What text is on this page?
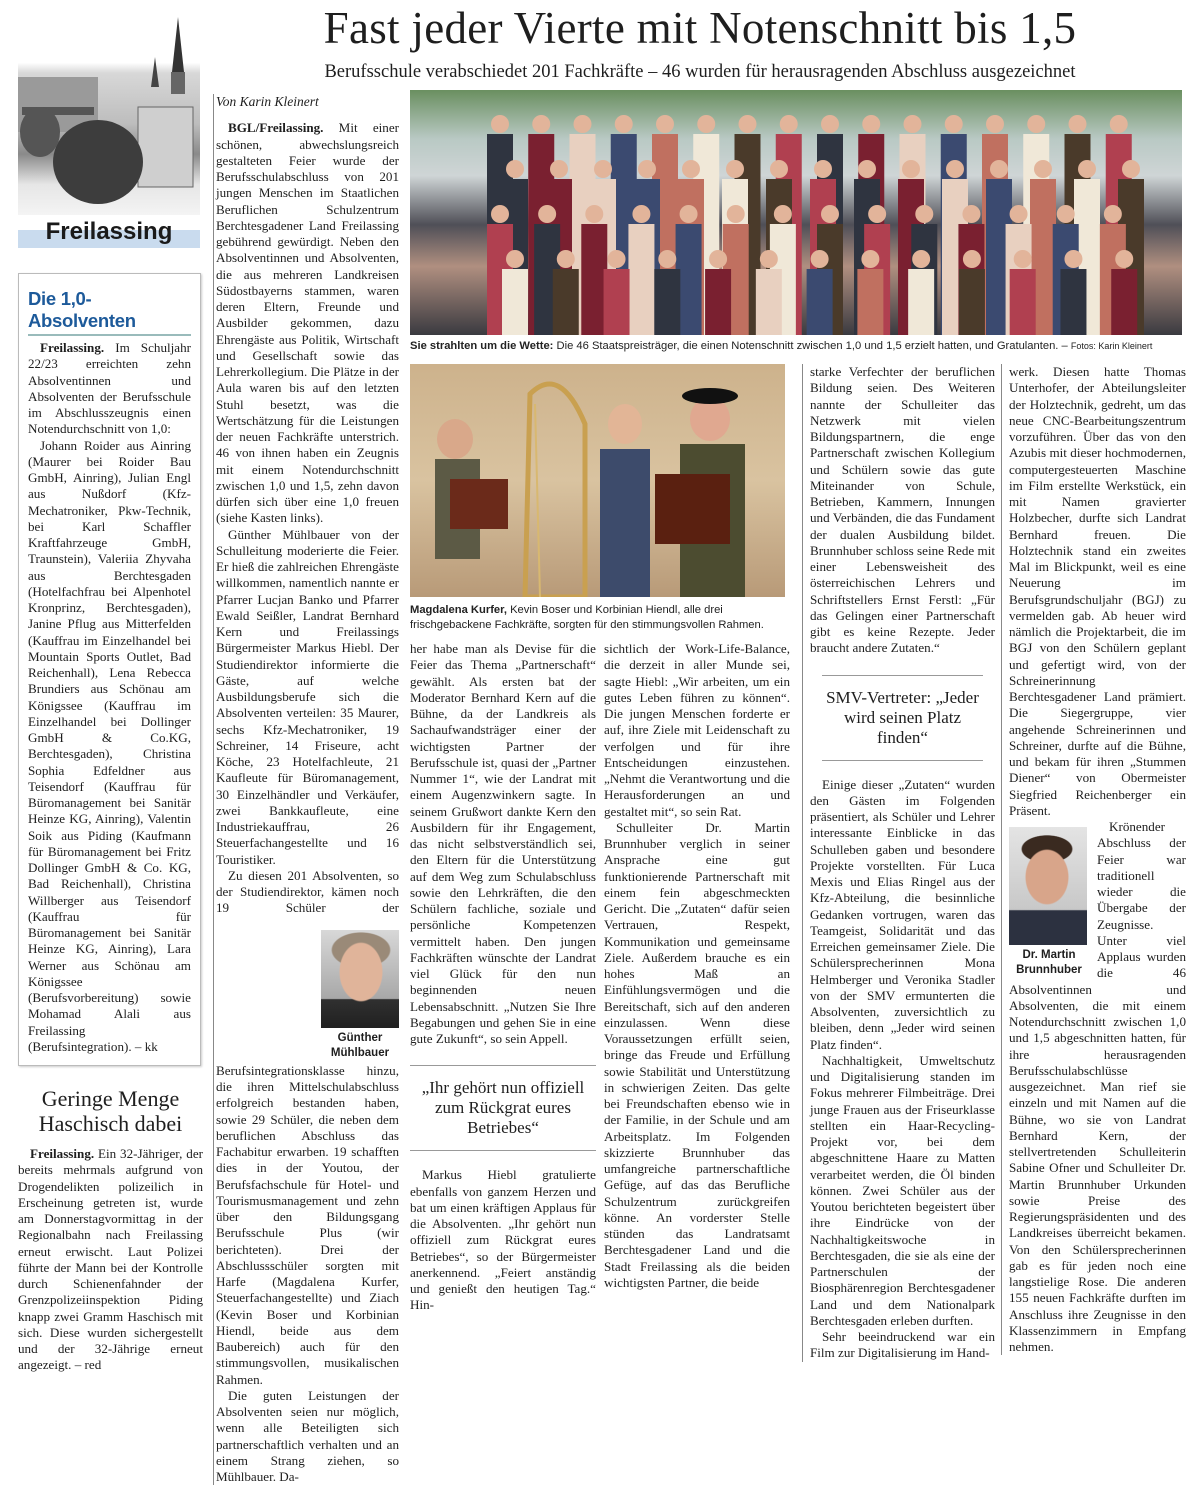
Fast jeder Vierte mit Notenschnitt bis 1,5
Berufsschule verabschiedet 201 Fachkräfte – 46 wurden für herausragenden Abschluss ausgezeichnet
Freilassing
Die 1,0-Absolventen

Freilassing. Im Schuljahr 22/23 erreichten zehn Absolventinnen und Absolventen der Berufsschule im Abschlusszeugnis einen Notendurchschnitt von 1,0:

Johann Roider aus Ainring (Maurer bei Roider Bau GmbH, Ainring), Julian Engl aus Nußdorf (Kfz-Mechatroniker, Pkw-Technik, bei Karl Schaffler Kraftfahrzeuge GmbH, Traunstein), Valeriia Zhyvaha aus Berchtesgaden (Hotelfachfrau bei Alpenhotel Kronprinz, Berchtesgaden), Janine Pflug aus Mitterfelden (Kauffrau im Einzelhandel bei Mountain Sports Outlet, Bad Reichenhall), Lena Rebecca Brundiers aus Schönau am Königssee (Kauffrau im Einzelhandel bei Dollinger GmbH & Co.KG, Berchtesgaden), Christina Sophia Edfeldner aus Teisendorf (Kauffrau für Büromanagement bei Sanitär Heinze KG, Ainring), Valentin Soik aus Piding (Kaufmann für Büromanagement bei Fritz Dollinger GmbH & Co. KG, Bad Reichenhall), Christina Willberger aus Teisendorf (Kauffrau für Büromanagement bei Sanitär Heinze KG, Ainring), Lara Werner aus Schönau am Königssee (Berufsvorbereitung) sowie Mohamad Alali aus Freilassing (Berufsintegration). – kk

Geringe Menge Haschisch dabei

Freilassing. Ein 32-Jähriger, der bereits mehrmals aufgrund von Drogendelikten polizeilich in Erscheinung getreten ist, wurde am Donnerstagvormittag in der Regionalbahn nach Freilassing erneut erwischt. Laut Polizei führte der Mann bei der Kontrolle durch Schienenfahnder der Grenzpolizeiinspektion Piding knapp zwei Gramm Haschisch mit sich. Diese wurden sichergestellt und der 32-Jährige erneut angezeigt. – red

Von Karin Kleinert

BGL/Freilassing. Mit einer schönen, abwechslungsreich gestalteten Feier wurde der Berufsschulabschluss von 201 jungen Menschen im Staatlichen Beruflichen Schulzentrum Berchtesgadener Land Freilassing gebührend gewürdigt. Neben den Absolventinnen und Absolventen, die aus mehreren Landkreisen Südostbayerns stammen, waren deren Eltern, Freunde und Ausbilder gekommen, dazu Ehrengäste aus Politik, Wirtschaft und Gesellschaft sowie das Lehrerkollegium. Die Plätze in der Aula waren bis auf den letzten Stuhl besetzt, was die Wertschätzung für die Leistungen der neuen Fachkräfte unterstrich. 46 von ihnen haben ein Zeugnis mit einem Notendurchschnitt zwischen 1,0 und 1,5, zehn davon dürfen sich über eine 1,0 freuen (siehe Kasten links).

Günther Mühlbauer von der Schulleitung moderierte die Feier. Er hieß die zahlreichen Ehrengäste willkommen, namentlich nannte er Pfarrer Lucjan Banko und Pfarrer Ewald Seißler, Landrat Bernhard Kern und Freilassings Bürgermeister Markus Hiebl. Der Studiendirektor informierte die Gäste, auf welche Ausbildungsberufe sich die Absolventen verteilen: 35 Maurer, sechs Kfz-Mechatroniker, 19 Schreiner, 14 Friseure, acht Köche, 23 Hotelfachleute, 21 Kaufleute für Büromanagement, 30 Einzelhändler und Verkäufer, zwei Bankkaufleute, eine Industriekauffrau, 26 Steuerfachangestellte und 16 Touristiker.

Günther Mühlbauer
Zu diesen 201 Absolventen, so der Studiendirektor, kämen noch 19 Schüler der Berufsintegrationsklasse hinzu, die ihren Mittelschulabschluss erfolgreich bestanden haben, sowie 29 Schüler, die neben dem beruflichen Abschluss das Fachabitur erwarben. 19 schafften dies in der Youtou, der Berufsfachschule für Hotel- und Tourismusmanagement und zehn über den Bildungsgang Berufsschule Plus (wir berichteten). Drei der Abschlussschüler sorgten mit Harfe (Magdalena Kurfer, Steuerfachangestellte) und Ziach (Kevin Boser und Korbinian Hiendl, beide aus dem Baubereich) auch für den stimmungsvollen, musikalischen Rahmen.

Die guten Leistungen der Absolventen seien nur möglich, wenn alle Beteiligten sich partnerschaftlich verhalten und an einem Strang ziehen, so Mühlbauer. Da-

Sie strahlten um die Wette: Die 46 Staatspreisträger, die einen Notenschnitt zwischen 1,0 und 1,5 erzielt hatten, und Gratulanten. – Fotos: Karin Kleinert
Magdalena Kurfer, Kevin Boser und Korbinian Hiendl, alle drei frischgebackene Fachkräfte, sorgten für den stimmungsvollen Rahmen.

her habe man als Devise für die Feier das Thema „Partnerschaft“ gewählt. Als ersten bat der Moderator Bernhard Kern auf die Bühne, da der Landkreis als Sachaufwandsträger einer der wichtigsten Partner der Berufsschule ist, quasi der „Partner Nummer 1“, wie der Landrat mit einem Augenzwinkern sagte. In seinem Grußwort dankte Kern den Ausbildern für ihr Engagement, das nicht selbstverständlich sei, den Eltern für die Unterstützung auf dem Weg zum Schulabschluss sowie den Lehrkräften, die den Schülern fachliche, soziale und persönliche Kompetenzen vermittelt haben. Den jungen Fachkräften wünschte der Landrat viel Glück für den nun beginnenden neuen Lebensabschnitt. „Nutzen Sie Ihre Begabungen und gehen Sie in eine gute Zukunft“, so sein Appell.

„Ihr gehört nun offiziell zum Rückgrat eures Betriebes“

Markus Hiebl gratulierte ebenfalls von ganzem Herzen und bat um einen kräftigen Applaus für die Absolventen. „Ihr gehört nun offiziell zum Rückgrat eures Betriebes“, so der Bürgermeister anerkennend. „Feiert anständig und genießt den heutigen Tag.“ Hin-

sichtlich der Work-Life-Balance, die derzeit in aller Munde sei, sagte Hiebl: „Wir arbeiten, um ein gutes Leben führen zu können“. Die jungen Menschen forderte er auf, ihre Ziele mit Leidenschaft zu verfolgen und für ihre Entscheidungen einzustehen. „Nehmt die Verantwortung und die Herausforderungen an und gestaltet mit“, so sein Rat.

Schulleiter Dr. Martin Brunnhuber verglich in seiner Ansprache eine gut funktionierende Partnerschaft mit einem fein abgeschmeckten Gericht. Die „Zutaten“ dafür seien Vertrauen, Respekt, Kommunikation und gemeinsame Ziele. Außerdem brauche es ein hohes Maß an Einfühlungsvermögen und die Bereitschaft, sich auf den anderen einzulassen. Wenn diese Voraussetzungen erfüllt seien, bringe das Freude und Erfüllung sowie Stabilität und Unterstützung in schwierigen Zeiten. Das gelte bei Freundschaften ebenso wie in der Familie, in der Schule und am Arbeitsplatz. Im Folgenden skizzierte Brunnhuber das umfangreiche partnerschaftliche Gefüge, auf das das Berufliche Schulzentrum zurückgreifen könne. An vorderster Stelle stünden das Landratsamt Berchtesgadener Land und die Stadt Freilassing als die beiden wichtigsten Partner, die beide

starke Verfechter der beruflichen Bildung seien. Des Weiteren nannte der Schulleiter das Netzwerk mit vielen Bildungspartnern, die enge Partnerschaft zwischen Kollegium und Schülern sowie das gute Miteinander von Schule, Betrieben, Kammern, Innungen und Verbänden, die das Fundament der dualen Ausbildung bildet. Brunnhuber schloss seine Rede mit einer Lebensweisheit des österreichischen Lehrers und Schriftstellers Ernst Ferstl: „Für das Gelingen einer Partnerschaft gibt es keine Rezepte. Jeder braucht andere Zutaten.“

SMV-Vertreter: „Jeder wird seinen Platz finden“

Einige dieser „Zutaten“ wurden den Gästen im Folgenden präsentiert, als Schüler und Lehrer interessante Einblicke in das Schulleben gaben und besondere Projekte vorstellten. Für Luca Mexis und Elias Ringel aus der Kfz-Abteilung, die besinnliche Gedanken vortrugen, waren das Teamgeist, Solidarität und das Erreichen gemeinsamer Ziele. Die Schülersprecherinnen Mona Helmberger und Veronika Stadler von der SMV ermunterten die Absolventen, zuversichtlich zu bleiben, denn „Jeder wird seinen Platz finden“.

Nachhaltigkeit, Umweltschutz und Digitalisierung standen im Fokus mehrerer Filmbeiträge. Drei junge Frauen aus der Friseurklasse stellten ein Haar-Recycling-Projekt vor, bei dem abgeschnittene Haare zu Matten verarbeitet werden, die Öl binden können. Zwei Schüler aus der Youtou berichteten begeistert über ihre Eindrücke von der Nachhaltigkeitswoche in Berchtesgaden, die sie als eine der Partnerschulen der Biosphärenregion Berchtesgadener Land und dem Nationalpark Berchtesgaden erleben durften.

Sehr beeindruckend war ein Film zur Digitalisierung im Hand-

werk. Diesen hatte Thomas Unterhofer, der Abteilungsleiter der Holztechnik, gedreht, um das neue CNC-Bearbeitungszentrum vorzuführen. Über das von den Azubis mit dieser hochmodernen, computergesteuerten Maschine im Film erstellte Werkstück, ein mit Namen gravierter Holzbecher, durfte sich Landrat Bernhard freuen. Die Holztechnik stand ein zweites Mal im Blickpunkt, weil es eine Neuerung im Berufsgrundschuljahr (BGJ) zu vermelden gab. Ab heuer wird nämlich die Projektarbeit, die im BGJ von den Schülern geplant und gefertigt wird, von der Schreinerinnung Berchtesgadener Land prämiert. Die Siegergruppe, vier angehende Schreinerinnen und Schreiner, durfte auf die Bühne, und bekam für ihren „Stummen Diener“ von Obermeister Siegfried Reichenberger ein Präsent.

Dr. Martin Brunnhuber
Krönender Abschluss der Feier war traditionell wieder die Übergabe der Zeugnisse. Unter viel Applaus wurden die 46 Absolventinnen und Absolventen, die mit einem Notendurchschnitt zwischen 1,0 und 1,5 abgeschnitten hatten, für ihre herausragenden Berufsschulabschlüsse ausgezeichnet. Man rief sie einzeln und mit Namen auf die Bühne, wo sie von Landrat Bernhard Kern, der stellvertretenden Schulleiterin Sabine Ofner und Schulleiter Dr. Martin Brunnhuber Urkunden sowie Preise des Regierungspräsidenten und des Landkreises überreicht bekamen. Von den Schülersprecherinnen gab es für jeden noch eine langstielige Rose. Die anderen 155 neuen Fachkräfte durften im Anschluss ihre Zeugnisse in den Klassenzimmern in Empfang nehmen.
